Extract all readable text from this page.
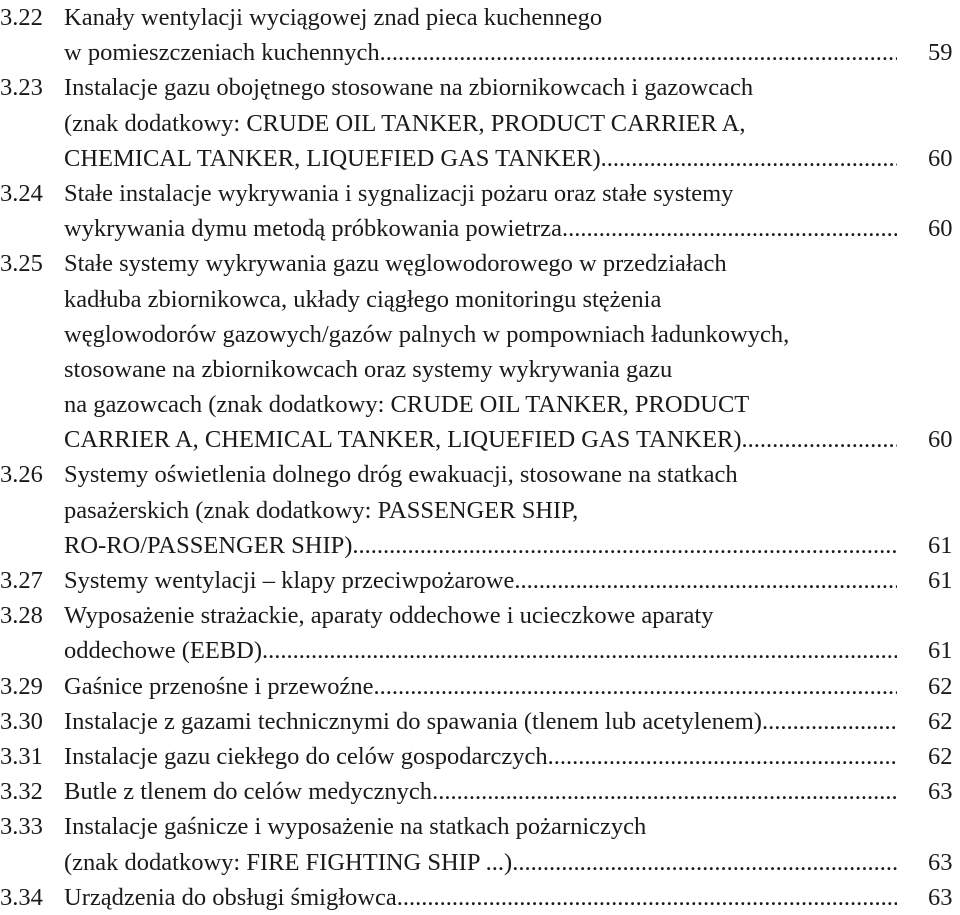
3.22 Kanały wentylacji wyciągowej znad pieca kuchennego
w pomieszczeniach kuchennych. .....	59
3.23 Instalacje gazu obojętnego stosowane na zbiornikowcach i gazowcach
(znak dodatkowy: CRUDE OIL TANKER, PRODUCT CARRIER A,
CHEMICAL TANKER, LIQUEFIED GAS TANKER) .....	60
3.24 Stałe instalacje wykrywania i sygnalizacji pożaru oraz stałe systemy
wykrywania dymu metodą próbkowania powietrza .....	60
3.25 Stałe systemy wykrywania gazu węglowodorowego w przedziałach
kadłuba zbiornikowca, układy ciągłego monitoringu stężenia
węglowodorów gazowych/gazów palnych w pompowniach ładunkowych,
stosowane na zbiornikowcach oraz systemy wykrywania gazu
na gazowcach (znak dodatkowy: CRUDE OIL TANKER, PRODUCT
CARRIER A, CHEMICAL TANKER, LIQUEFIED GAS TANKER) .....	60
3.26 Systemy oświetlenia dolnego dróg ewakuacji, stosowane na statkach
pasażerskich (znak dodatkowy: PASSENGER SHIP,
RO-RO/PASSENGER SHIP) .....	61
3.27 Systemy wentylacji – klapy przeciwpożarowe .....	61
3.28 Wyposażenie strażackie, aparaty oddechowe i ucieczkowe aparaty
oddechowe (EEBD) .....	61
3.29 Gaśnice przenośne i przewoźne .....	62
3.30 Instalacje z gazami technicznymi do spawania (tlenem lub acetylenem) .....	62
3.31 Instalacje gazu ciekłego do celów gospodarczych .....	62
3.32 Butle z tlenem do celów medycznych .....	63
3.33 Instalacje gaśnicze i wyposażenie na statkach pożarniczych
(znak dodatkowy: FIRE FIGHTING SHIP ...) .....	63
3.34 Urządzenia do obsługi śmigłowca .....	63
